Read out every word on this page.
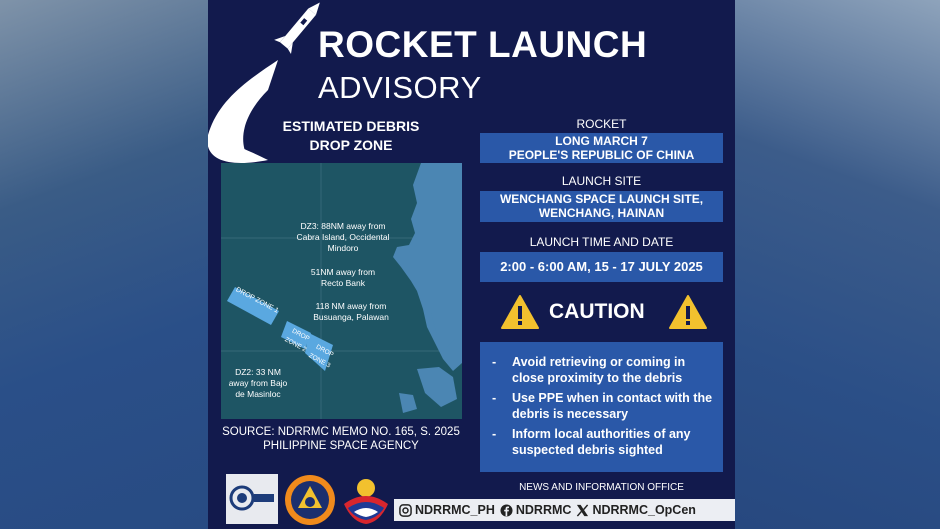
ROCKET LAUNCH
ADVISORY
ESTIMATED DEBRIS
DROP ZONE
DZ3: 88NM away from Cabra Island, Occidental Mindoro
51NM away from Recto Bank
118 NM away from Busuanga, Palawan
DZ2: 33 NM away from Bajo de Masinloc
DROP ZONE 1
DROP ZONE 2	DROP ZONE 3
SOURCE: NDRRMC MEMO NO. 165, S. 2025
PHILIPPINE SPACE AGENCY
ROCKET
LONG MARCH 7
PEOPLE'S REPUBLIC OF CHINA
LAUNCH SITE
WENCHANG SPACE LAUNCH SITE,
WENCHANG, HAINAN
LAUNCH TIME AND DATE
2:00 - 6:00 AM, 15 - 17 JULY 2025
CAUTION
- Avoid retrieving or coming in close proximity to the debris
- Use PPE when in contact with the debris is necessary
- Inform local authorities of any suspected debris sighted
NEWS AND INFORMATION OFFICE
NDRRMC_PH NDRRMC NDRRMC_OpCen
